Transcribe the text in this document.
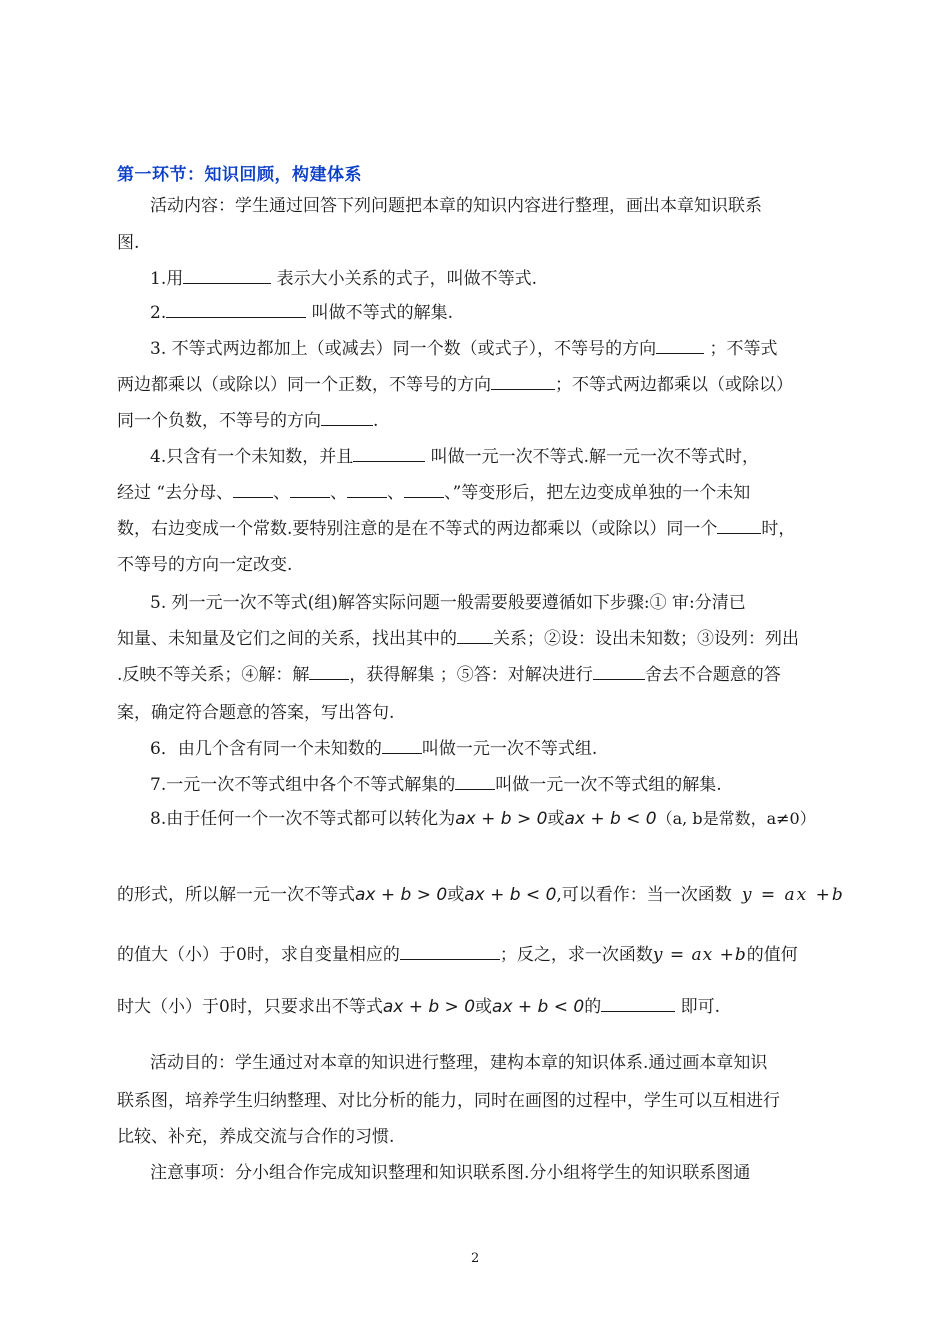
第一环节：知识回顾，构建体系
活动内容：学生通过回答下列问题把本章的知识内容进行整理，画出本章知识联系
图.
1.用	表示大小关系的式子，叫做不等式.
2.	叫做不等式的解集.
3. 不等式两边都加上（或减去）同一个数（或式子），不等号的方向	；不等式
两边都乘以（或除以）同一个正数，不等号的方向	；不等式两边都乘以（或除以）
同一个负数，不等号的方向	.
4.只含有一个未知数，并且	叫做一元一次不等式.解一元一次不等式时，
经过 “去分母、 、 、 、 、”等变形后，把左边变成单独的一个未知
数，右边变成一个常数.要特别注意的是在不等式的两边都乘以（或除以）同一个	时，
不等号的方向一定改变.
5. 列一元一次不等式(组)解答实际问题一般需要般要遵循如下步骤:① 审:分清已
知量、未知量及它们之间的关系，找出其中的 关系；②设：设出未知数；③设列：列出
.反映不等关系；④解：解 ，获得解集 ；⑤答：对解决进行	舍去不合题意的答
案，确定符合题意的答案，写出答句.
6．由几个含有同一个未知数的 叫做一元一次不等式组.
7.一元一次不等式组中各个不等式解集的 叫做一元一次不等式组的解集.
8.由于任何一个一次不等式都可以转化为ax + b > 0或ax + b < 0（a, b是常数，a≠0）
的形式，所以解一元一次不等式ax + b > 0或ax + b < 0,可以看作：当一次函数 y = ax +b
的值大（小）于0时，求自变量相应的	；反之，求一次函数y = ax +b的值何
时大（小）于0时，只要求出不等式ax + b > 0或ax + b < 0的	即可.
活动目的：学生通过对本章的知识进行整理，建构本章的知识体系.通过画本章知识
联系图，培养学生归纳整理、对比分析的能力，同时在画图的过程中，学生可以互相进行
比较、补充，养成交流与合作的习惯.
注意事项：分小组合作完成知识整理和知识联系图.分小组将学生的知识联系图通
2
